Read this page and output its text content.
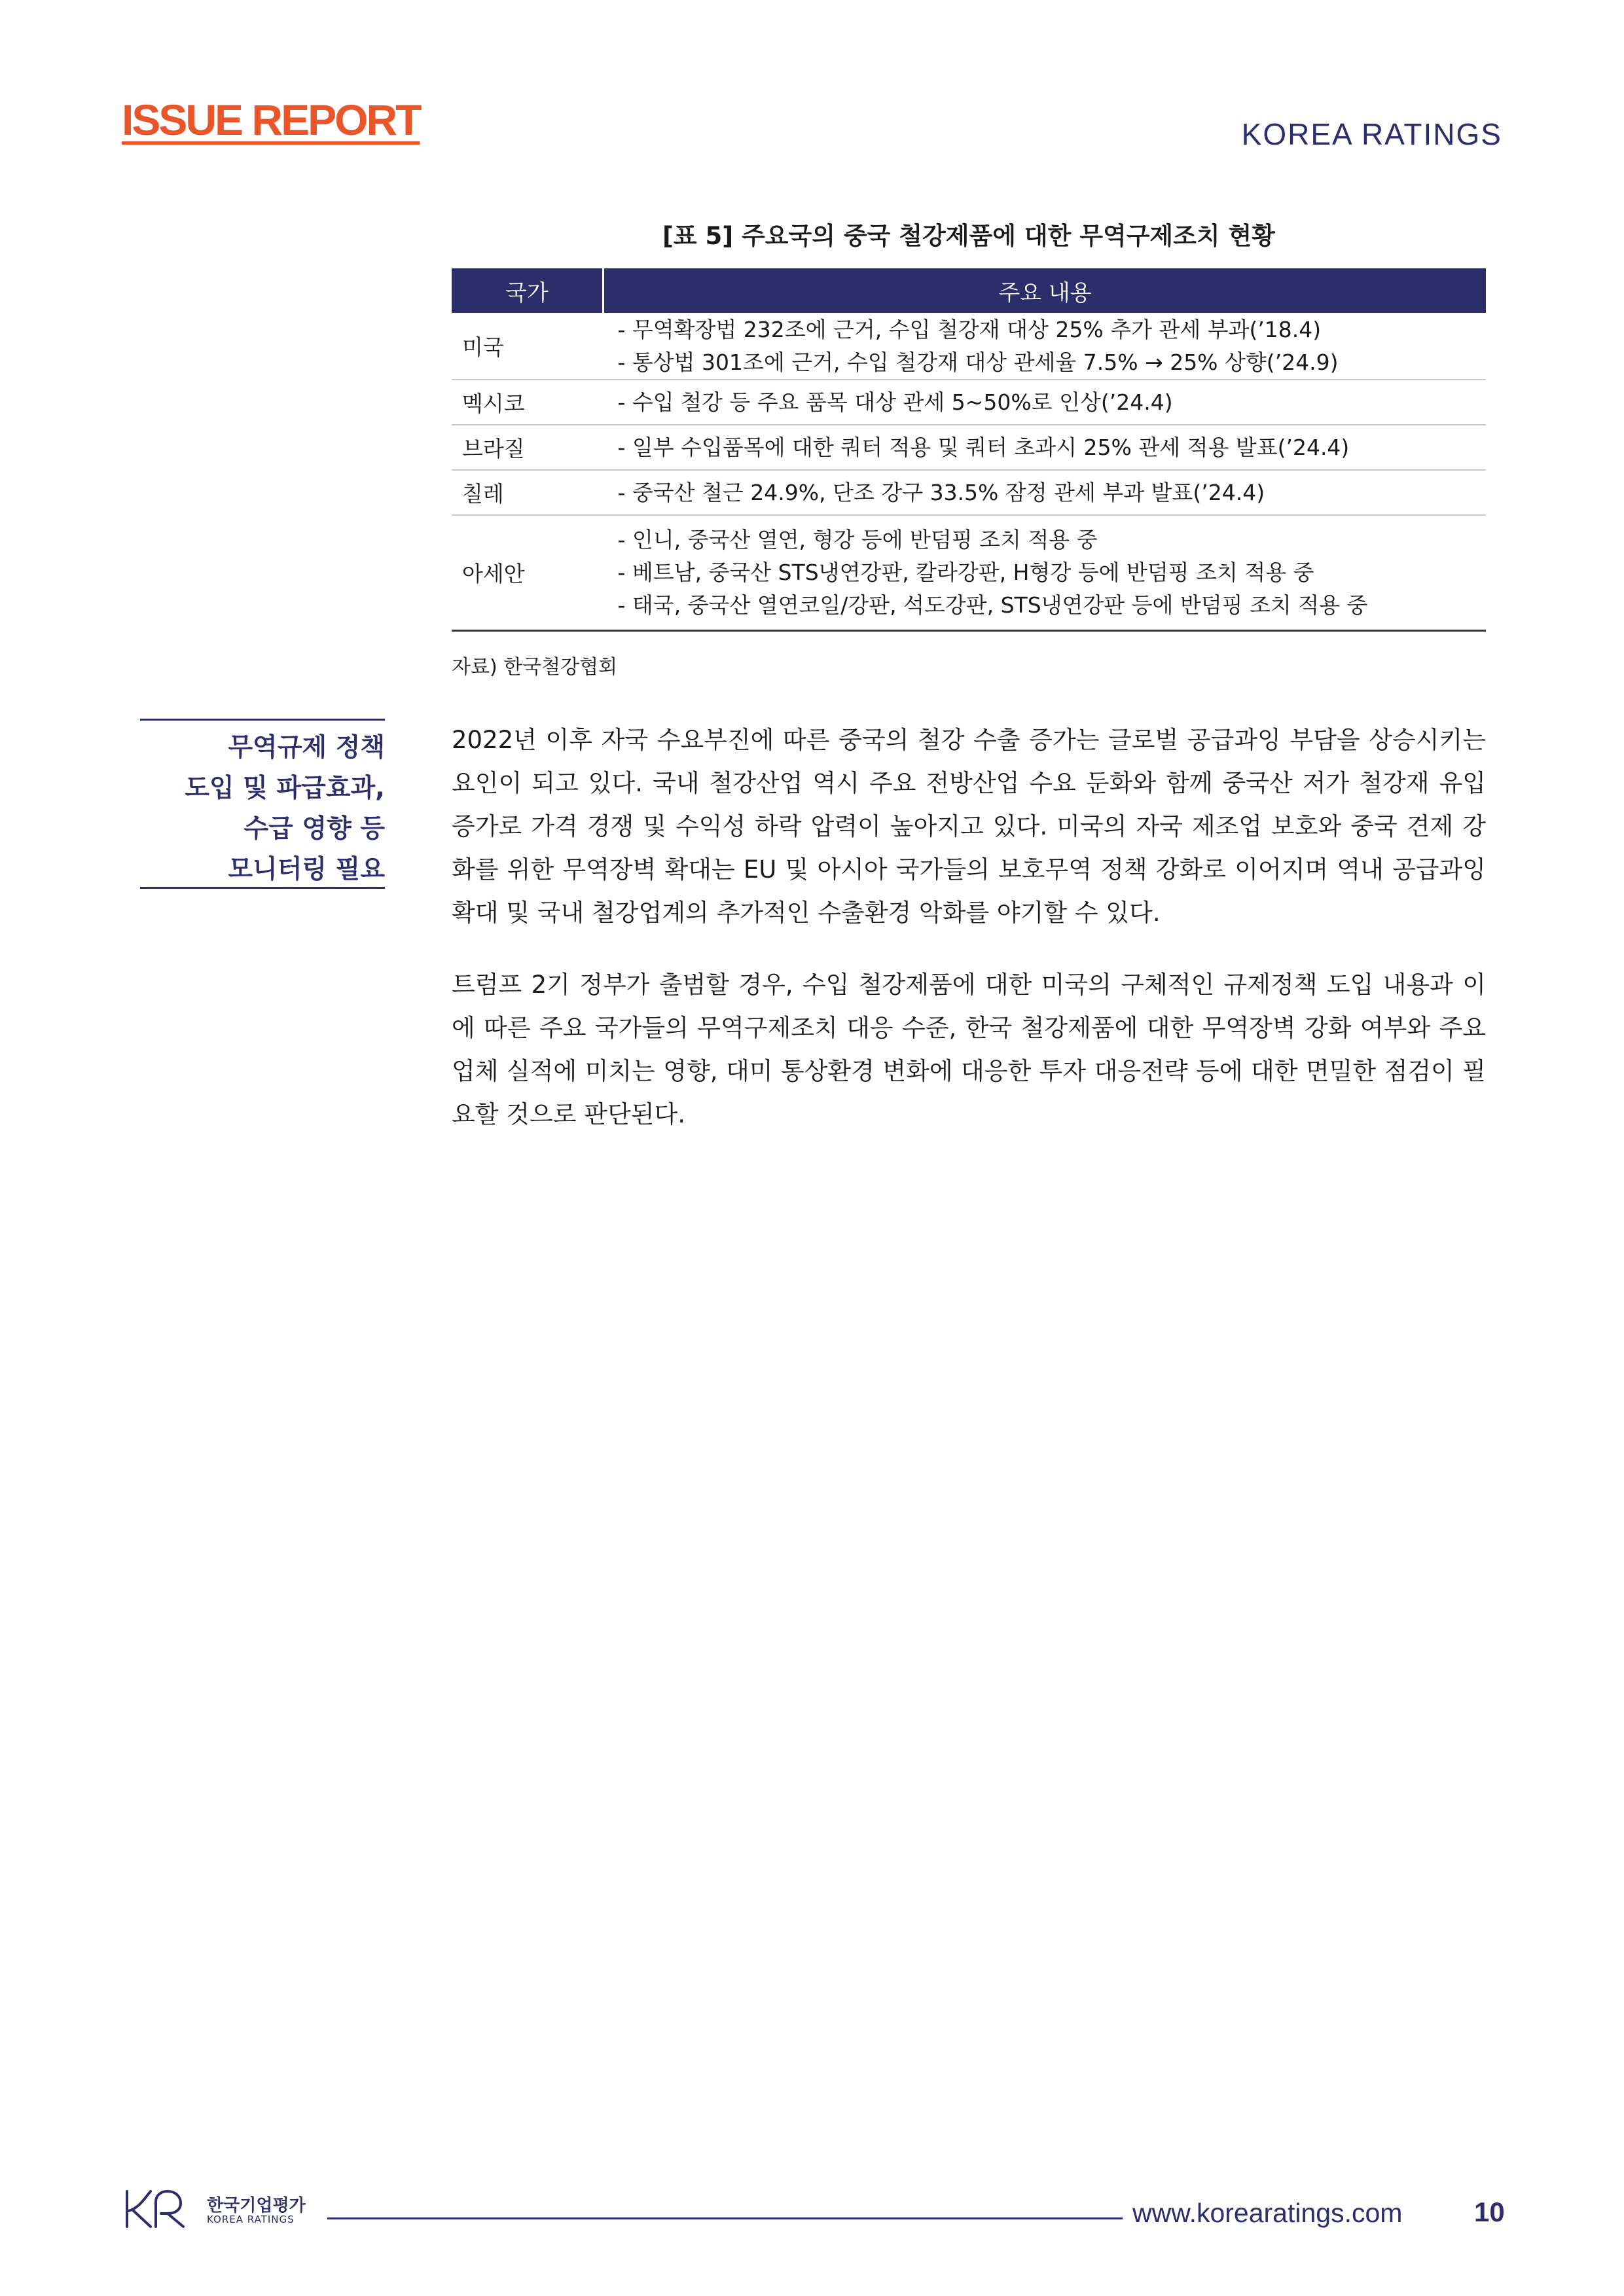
ISSUE REPORT	KOREA RATINGS
[표 5] 주요국의 중국 철강제품에 대한 무역구제조치 현황
국가	주요 내용
미국	- 무역확장법 232조에 근거, 수입 철강재 대상 25% 추가 관세 부과(’18.4)
- 통상법 301조에 근거, 수입 철강재 대상 관세율 7.5% → 25% 상향(’24.9)

멕시코	- 수입 철강 등 주요 품목 대상 관세 5~50%로 인상(’24.4)

브라질	- 일부 수입품목에 대한 쿼터 적용 및 쿼터 초과시 25% 관세 적용 발표(’24.4)

칠레	- 중국산 철근 24.9%, 단조 강구 33.5% 잠정 관세 부과 발표(’24.4)

아세안	- 인니, 중국산 열연, 형강 등에 반덤핑 조치 적용 중
- 베트남, 중국산 STS냉연강판, 칼라강판, H형강 등에 반덤핑 조치 적용 중
- 태국, 중국산 열연코일/강판, 석도강판, STS냉연강판 등에 반덤핑 조치 적용 중
자료) 한국철강협회
무역규제 정책
도입 및 파급효과,
수급 영향 등
모니터링 필요
2022년 이후 자국 수요부진에 따른 중국의 철강 수출 증가는 글로벌 공급과잉 부담을 상승시키는 요인이 되고 있다. 국내 철강산업 역시 주요 전방산업 수요 둔화와 함께 중국산 저가 철강재 유입 증가로 가격 경쟁 및 수익성 하락 압력이 높아지고 있다. 미국의 자국 제조업 보호와 중국 견제 강화를 위한 무역장벽 확대는 EU 및 아시아 국가들의 보호무역 정책 강화로 이어지며 역내 공급과잉 확대 및 국내 철강업계의 추가적인 수출환경 악화를 야기할 수 있다.
트럼프 2기 정부가 출범할 경우, 수입 철강제품에 대한 미국의 구체적인 규제정책 도입 내용과 이에 따른 주요 국가들의 무역구제조치 대응 수준, 한국 철강제품에 대한 무역장벽 강화 여부와 주요 업체 실적에 미치는 영향, 대미 통상환경 변화에 대응한 투자 대응전략 등에 대한 면밀한 점검이 필요할 것으로 판단된다.
한국기업평가
KOREA RATINGS	www.korearatings.com	10
